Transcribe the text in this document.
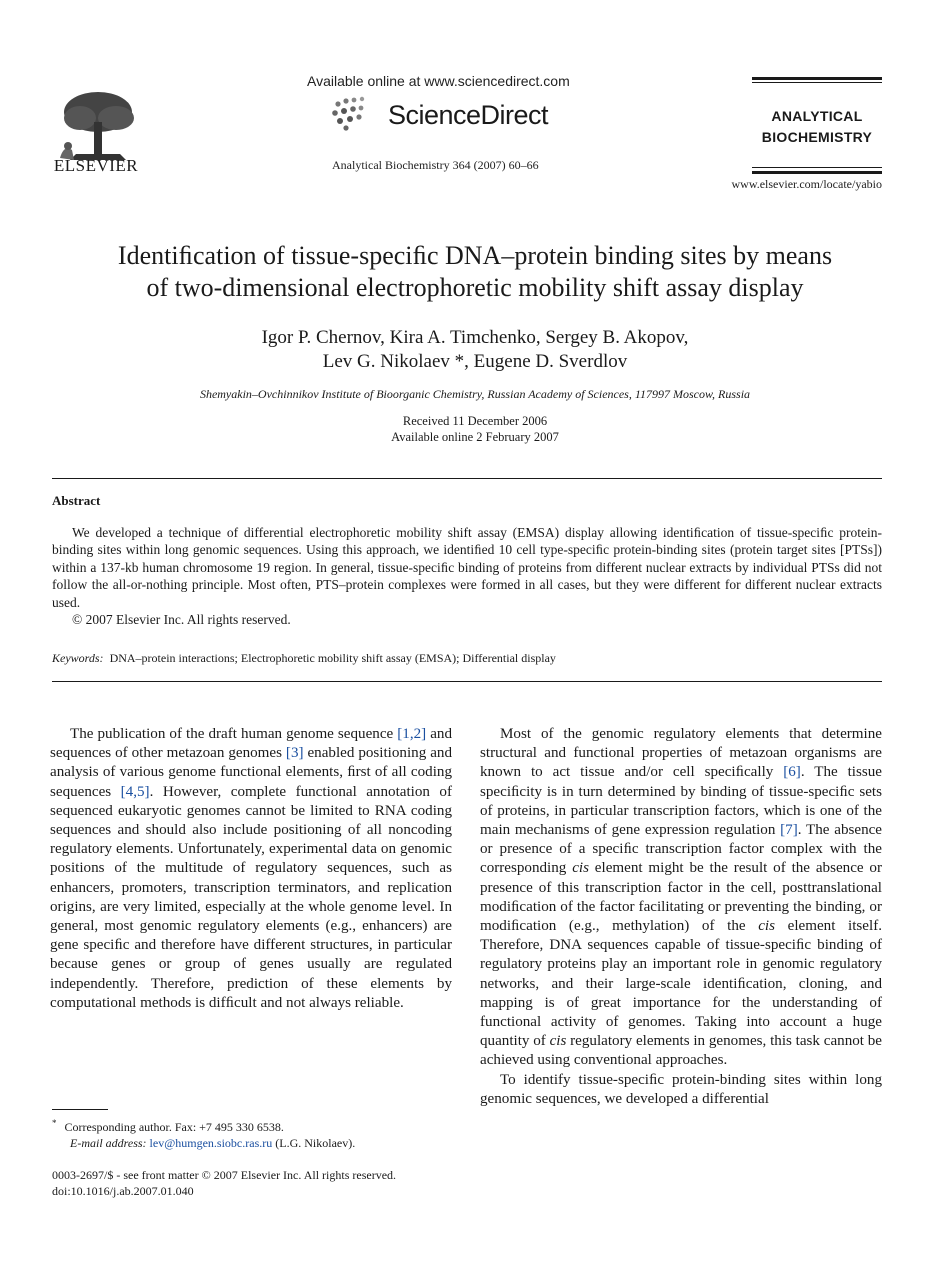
ELSEVIER
Available online at www.sciencedirect.com
ScienceDirect
Analytical Biochemistry 364 (2007) 60–66
ANALYTICAL
BIOCHEMISTRY
www.elsevier.com/locate/yabio
Identiﬁcation of tissue-speciﬁc DNA–protein binding sites by means
of two-dimensional electrophoretic mobility shift assay display
Igor P. Chernov, Kira A. Timchenko, Sergey B. Akopov,
Lev G. Nikolaev *, Eugene D. Sverdlov
Shemyakin–Ovchinnikov Institute of Bioorganic Chemistry, Russian Academy of Sciences, 117997 Moscow, Russia
Received 11 December 2006
Available online 2 February 2007
Abstract

We developed a technique of differential electrophoretic mobility shift assay (EMSA) display allowing identiﬁcation of tissue-speciﬁc protein-binding sites within long genomic sequences. Using this approach, we identiﬁed 10 cell type-speciﬁc protein-binding sites (protein target sites [PTSs]) within a 137-kb human chromosome 19 region. In general, tissue-speciﬁc binding of proteins from different nuclear extracts by individual PTSs did not follow the all-or-nothing principle. Most often, PTS–protein complexes were formed in all cases, but they were different for different nuclear extracts used.

© 2007 Elsevier Inc. All rights reserved.

Keywords: DNA–protein interactions; Electrophoretic mobility shift assay (EMSA); Differential display

The publication of the draft human genome sequence [1,2] and sequences of other metazoan genomes [3] enabled positioning and analysis of various genome functional elements, ﬁrst of all coding sequences [4,5]. However, complete functional annotation of sequenced eukaryotic genomes cannot be limited to RNA coding sequences and should also include positioning of all noncoding regulatory elements. Unfortunately, experimental data on genomic positions of the multitude of regulatory sequences, such as enhancers, promoters, transcription terminators, and replication origins, are very limited, especially at the whole genome level. In general, most genomic regulatory elements (e.g., enhancers) are gene speciﬁc and therefore have different structures, in particular because genes or group of genes usually are regulated independently. Therefore, prediction of these elements by computational methods is difﬁcult and not always reliable.

Most of the genomic regulatory elements that determine structural and functional properties of metazoan organisms are known to act tissue and/or cell speciﬁcally [6]. The tissue speciﬁcity is in turn determined by binding of tissue-speciﬁc sets of proteins, in particular transcription factors, which is one of the main mechanisms of gene expression regulation [7]. The absence or presence of a speciﬁc transcription factor complex with the corresponding cis element might be the result of the absence or presence of this transcription factor in the cell, posttranslational modiﬁcation of the factor facilitating or preventing the binding, or modiﬁcation (e.g., methylation) of the cis element itself. Therefore, DNA sequences capable of tissue-speciﬁc binding of regulatory proteins play an important role in genomic regulatory networks, and their large-scale identiﬁcation, cloning, and mapping is of great importance for the understanding of functional activity of genomes. Taking into account a huge quantity of cis regulatory elements in genomes, this task cannot be achieved using conventional approaches.

To identify tissue-speciﬁc protein-binding sites within long genomic sequences, we developed a differential

* Corresponding author. Fax: +7 495 330 6538.

E-mail address: lev@humgen.siobc.ras.ru (L.G. Nikolaev).

0003-2697/$ - see front matter © 2007 Elsevier Inc. All rights reserved.

doi:10.1016/j.ab.2007.01.040
